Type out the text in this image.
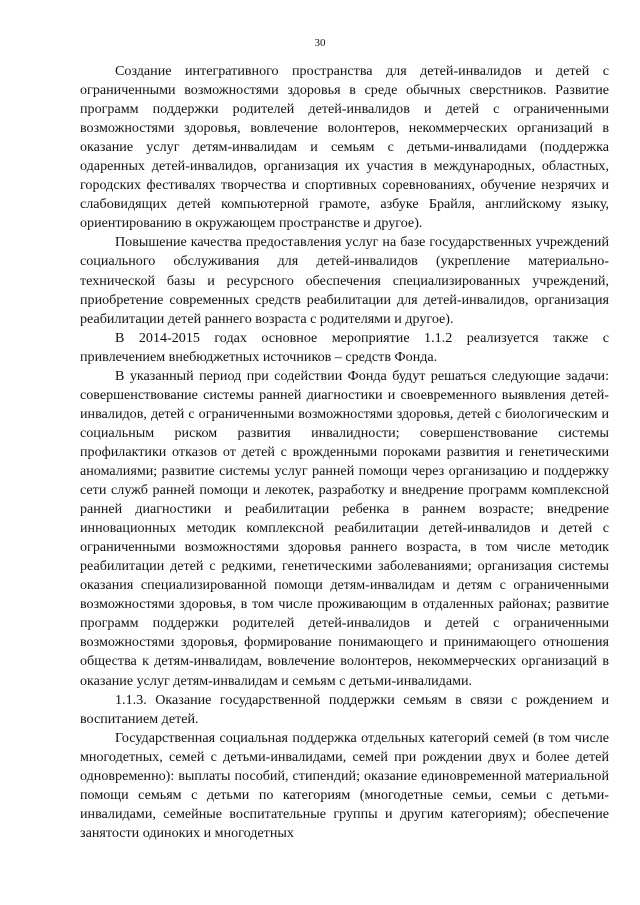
30

Создание интегративного пространства для детей-инвалидов и детей с ограниченными возможностями здоровья в среде обычных сверстников. Развитие программ поддержки родителей детей-инвалидов и детей с ограниченными возможностями здоровья, вовлечение волонтеров, некоммерческих организаций в оказание услуг детям-инвалидам и семьям с детьми-инвалидами (поддержка одаренных детей-инвалидов, организация их участия в международных, областных, городских фестивалях творчества и спортивных соревнованиях, обучение незрячих и слабовидящих детей компьютерной грамоте, азбуке Брайля, английскому языку, ориентированию в окружающем пространстве и другое).

Повышение качества предоставления услуг на базе государственных учреждений социального обслуживания для детей-инвалидов (укрепление материально-технической базы и ресурсного обеспечения специализированных учреждений, приобретение современных средств реабилитации для детей-инвалидов, организация реабилитации детей раннего возраста с родителями и другое).

В 2014-2015 годах основное мероприятие 1.1.2 реализуется также с привлечением внебюджетных источников – средств Фонда.

В указанный период при содействии Фонда будут решаться следующие задачи: совершенствование системы ранней диагностики и своевременного выявления детей-инвалидов, детей с ограниченными возможностями здоровья, детей с биологическим и социальным риском развития инвалидности; совершенствование системы профилактики отказов от детей с врожденными пороками развития и генетическими аномалиями; развитие системы услуг ранней помощи через организацию и поддержку сети служб ранней помощи и лекотек, разработку и внедрение программ комплексной ранней диагностики и реабилитации ребенка в раннем возрасте; внедрение инновационных методик комплексной реабилитации детей-инвалидов и детей с ограниченными возможностями здоровья раннего возраста, в том числе методик реабилитации детей с редкими, генетическими заболеваниями; организация системы оказания специализированной помощи детям-инвалидам и детям с ограниченными возможностями здоровья, в том числе проживающим в отдаленных районах; развитие программ поддержки родителей детей-инвалидов и детей с ограниченными возможностями здоровья, формирование понимающего и принимающего отношения общества к детям-инвалидам, вовлечение волонтеров, некоммерческих организаций в оказание услуг детям-инвалидам и семьям с детьми-инвалидами.

1.1.3. Оказание государственной поддержки семьям в связи с рождением и воспитанием детей.

Государственная социальная поддержка отдельных категорий семей (в том числе многодетных, семей с детьми-инвалидами, семей при рождении двух и более детей одновременно): выплаты пособий, стипендий; оказание единовременной материальной помощи семьям с детьми по категориям (многодетные семьи, семьи с детьми-инвалидами, семейные воспитательные группы и другим категориям); обеспечение занятости одиноких и многодетных
